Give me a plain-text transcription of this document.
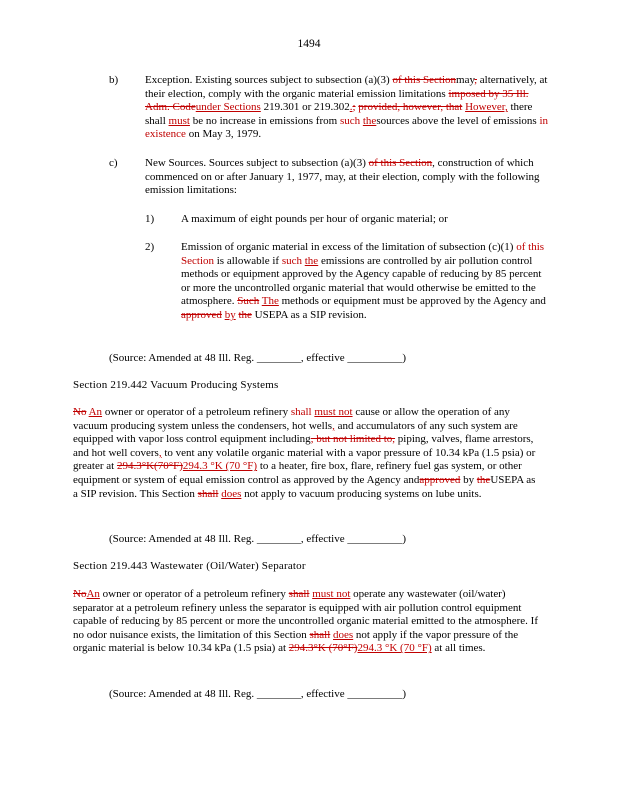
1494
b) Exception. Existing sources subject to subsection (a)(3) of this Sectionmay, alternatively, at their election, comply with the organic material emission limitations imposed by 35 Ill. Adm. Codeunder Sections 219.301 or 219.302.; provided, however, that However, there shall must be no increase in emissions from such thesources above the level of emissions in existence on May 3, 1979.
c) New Sources. Sources subject to subsection (a)(3) of this Section, construction of which commenced on or after January 1, 1977, may, at their election, comply with the following emission limitations:
1) A maximum of eight pounds per hour of organic material; or
2) Emission of organic material in excess of the limitation of subsection (c)(1) of this Section is allowable if such the emissions are controlled by air pollution control methods or equipment approved by the Agency capable of reducing by 85 percent or more the uncontrolled organic material that would otherwise be emitted to the atmosphere. Such The methods or equipment must be approved by the Agency and approved by the USEPA as a SIP revision.
(Source: Amended at 48 Ill. Reg. ________, effective __________)
Section 219.442 Vacuum Producing Systems
No An owner or operator of a petroleum refinery shall must not cause or allow the operation of any vacuum producing system unless the condensers, hot wells, and accumulators of any such system are equipped with vapor loss control equipment including, but not limited to, piping, valves, flame arrestors, and hot well covers, to vent any volatile organic material with a vapor pressure of 10.34 kPa (1.5 psia) or greater at 294.3°K(70°F)294.3 °K (70 °F) to a heater, fire box, flare, refinery fuel gas system, or other equipment or system of equal emission control as approved by the Agency andapproved by theUSEPA as a SIP revision. This Section shall does not apply to vacuum producing systems on lube units.
(Source: Amended at 48 Ill. Reg. ________, effective __________)
Section 219.443 Wastewater (Oil/Water) Separator
NoAn owner or operator of a petroleum refinery shall must not operate any wastewater (oil/water) separator at a petroleum refinery unless the separator is equipped with air pollution control equipment capable of reducing by 85 percent or more the uncontrolled organic material emitted to the atmosphere. If no odor nuisance exists, the limitation of this Section shall does not apply if the vapor pressure of the organic material is below 10.34 kPa (1.5 psia) at 294.3°K (70°F)294.3 °K (70 °F) at all times.
(Source: Amended at 48 Ill. Reg. ________, effective __________)
